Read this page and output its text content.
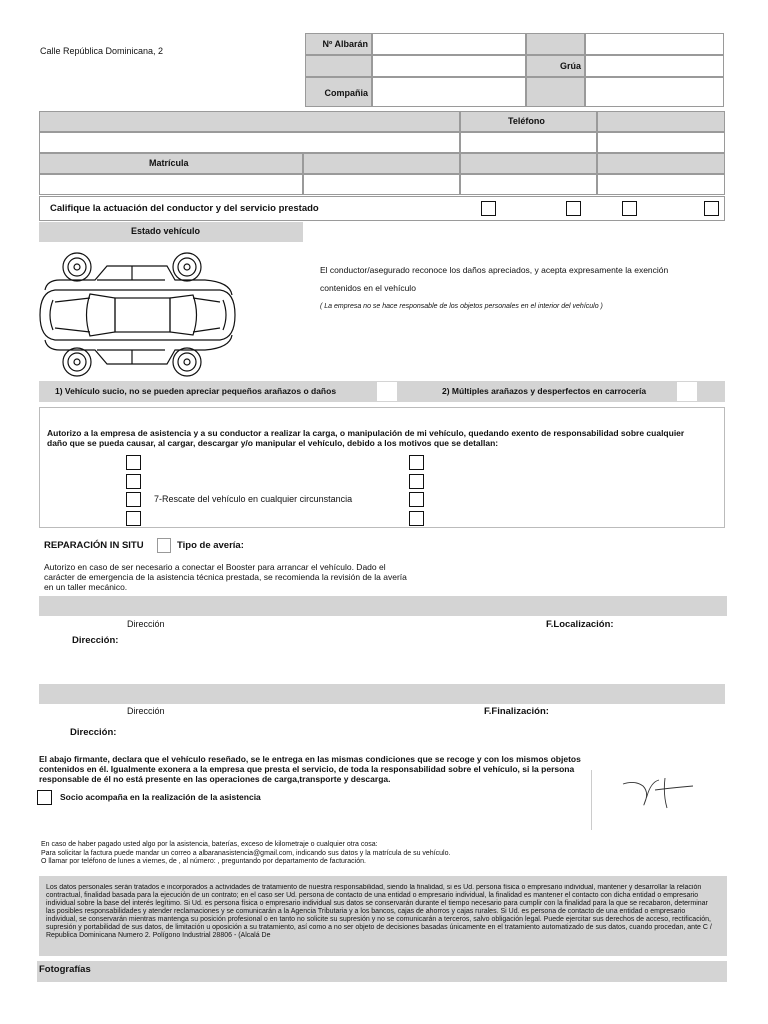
Calle República Dominicana, 2
Nº Albarán
Grúa
Compañia
Teléfono
Matrícula
Califique la actuación del conductor y del servicio prestado
Estado vehículo
El conductor/asegurado reconoce los daños apreciados, y acepta expresamente la exención
contenidos en el vehículo
( La empresa no se hace responsable de los objetos personales en el interior del vehículo )
1) Vehículo sucio, no se pueden apreciar pequeños arañazos o daños	2) Múltiples arañazos y desperfectos en carrocería
Autorizo a la empresa de asistencia y a su conductor a realizar la carga, o manipulación de mi vehículo, quedando exento de responsabilidad sobre cualquier daño que se pueda causar, al cargar, descargar y/o manipular el vehículo, debido a los motivos que se detallan:
7-Rescate del vehículo en cualquier circunstancia
REPARACIÓN IN SITU	Tipo de avería:
Autorizo en caso de ser necesario a conectar el Booster para arrancar el vehículo. Dado el carácter de emergencia de la asistencia técnica prestada, se recomienda la revisión de la avería en un taller mecánico.
Dirección	F.Localización:
Dirección:
Dirección	F.Finalización:
Dirección:
El abajo firmante, declara que el vehículo reseñado, se le entrega en las mismas condiciones que se recoge y con los mismos objetos contenidos en él. Igualmente exonera a la empresa que presta el servicio, de toda la responsabilidad sobre el vehículo, si la persona responsable de él no está presente en las operaciones de carga,transporte y descarga.
Socio acompaña en la realización de la asistencia
En caso de haber pagado usted algo por la asistencia, baterías, exceso de kilometraje o cualquier otra cosa:
Para solicitar la factura puede mandar un correo a albaranasistencia@gmail.com, indicando sus datos y la matrícula de su vehículo.
O llamar por teléfono de lunes a viernes, de , al número: , preguntando por departamento de facturación.
Los datos personales serán tratados e incorporados a actividades de tratamiento de nuestra responsabilidad, siendo la finalidad, si es Ud. persona física o empresario individual, mantener y desarrollar la relación contractual, finalidad basada para la ejecución de un contrato; en el caso ser Ud. persona de contacto de una entidad o empresario individual, la finalidad es mantener el contacto con dicha entidad o empresario individual sobre la base del interés legítimo. Si Ud. es persona física o empresario individual sus datos se conservarán durante el tiempo necesario para cumplir con la finalidad para la que se recabaron, determinar las posibles responsabilidades y atender reclamaciones y se comunicarán a la Agencia Tributaria y a los bancos, cajas de ahorros y cajas rurales. Si Ud. es persona de contacto de una entidad o empresario individual, se conservarán mientras mantenga su posición profesional o en tanto no solicite su supresión y no se comunicarán a terceros, salvo obligación legal. Puede ejercitar sus derechos de acceso, rectificación, supresión y portabilidad de sus datos, de limitación u oposición a su tratamiento, así como a no ser objeto de decisiones basadas únicamente en el tratamiento automatizado de sus datos, cuando procedan, ante C / Republica Dominicana Numero 2. Polígono Industrial 28806 - (Alcalá De
Fotografías
